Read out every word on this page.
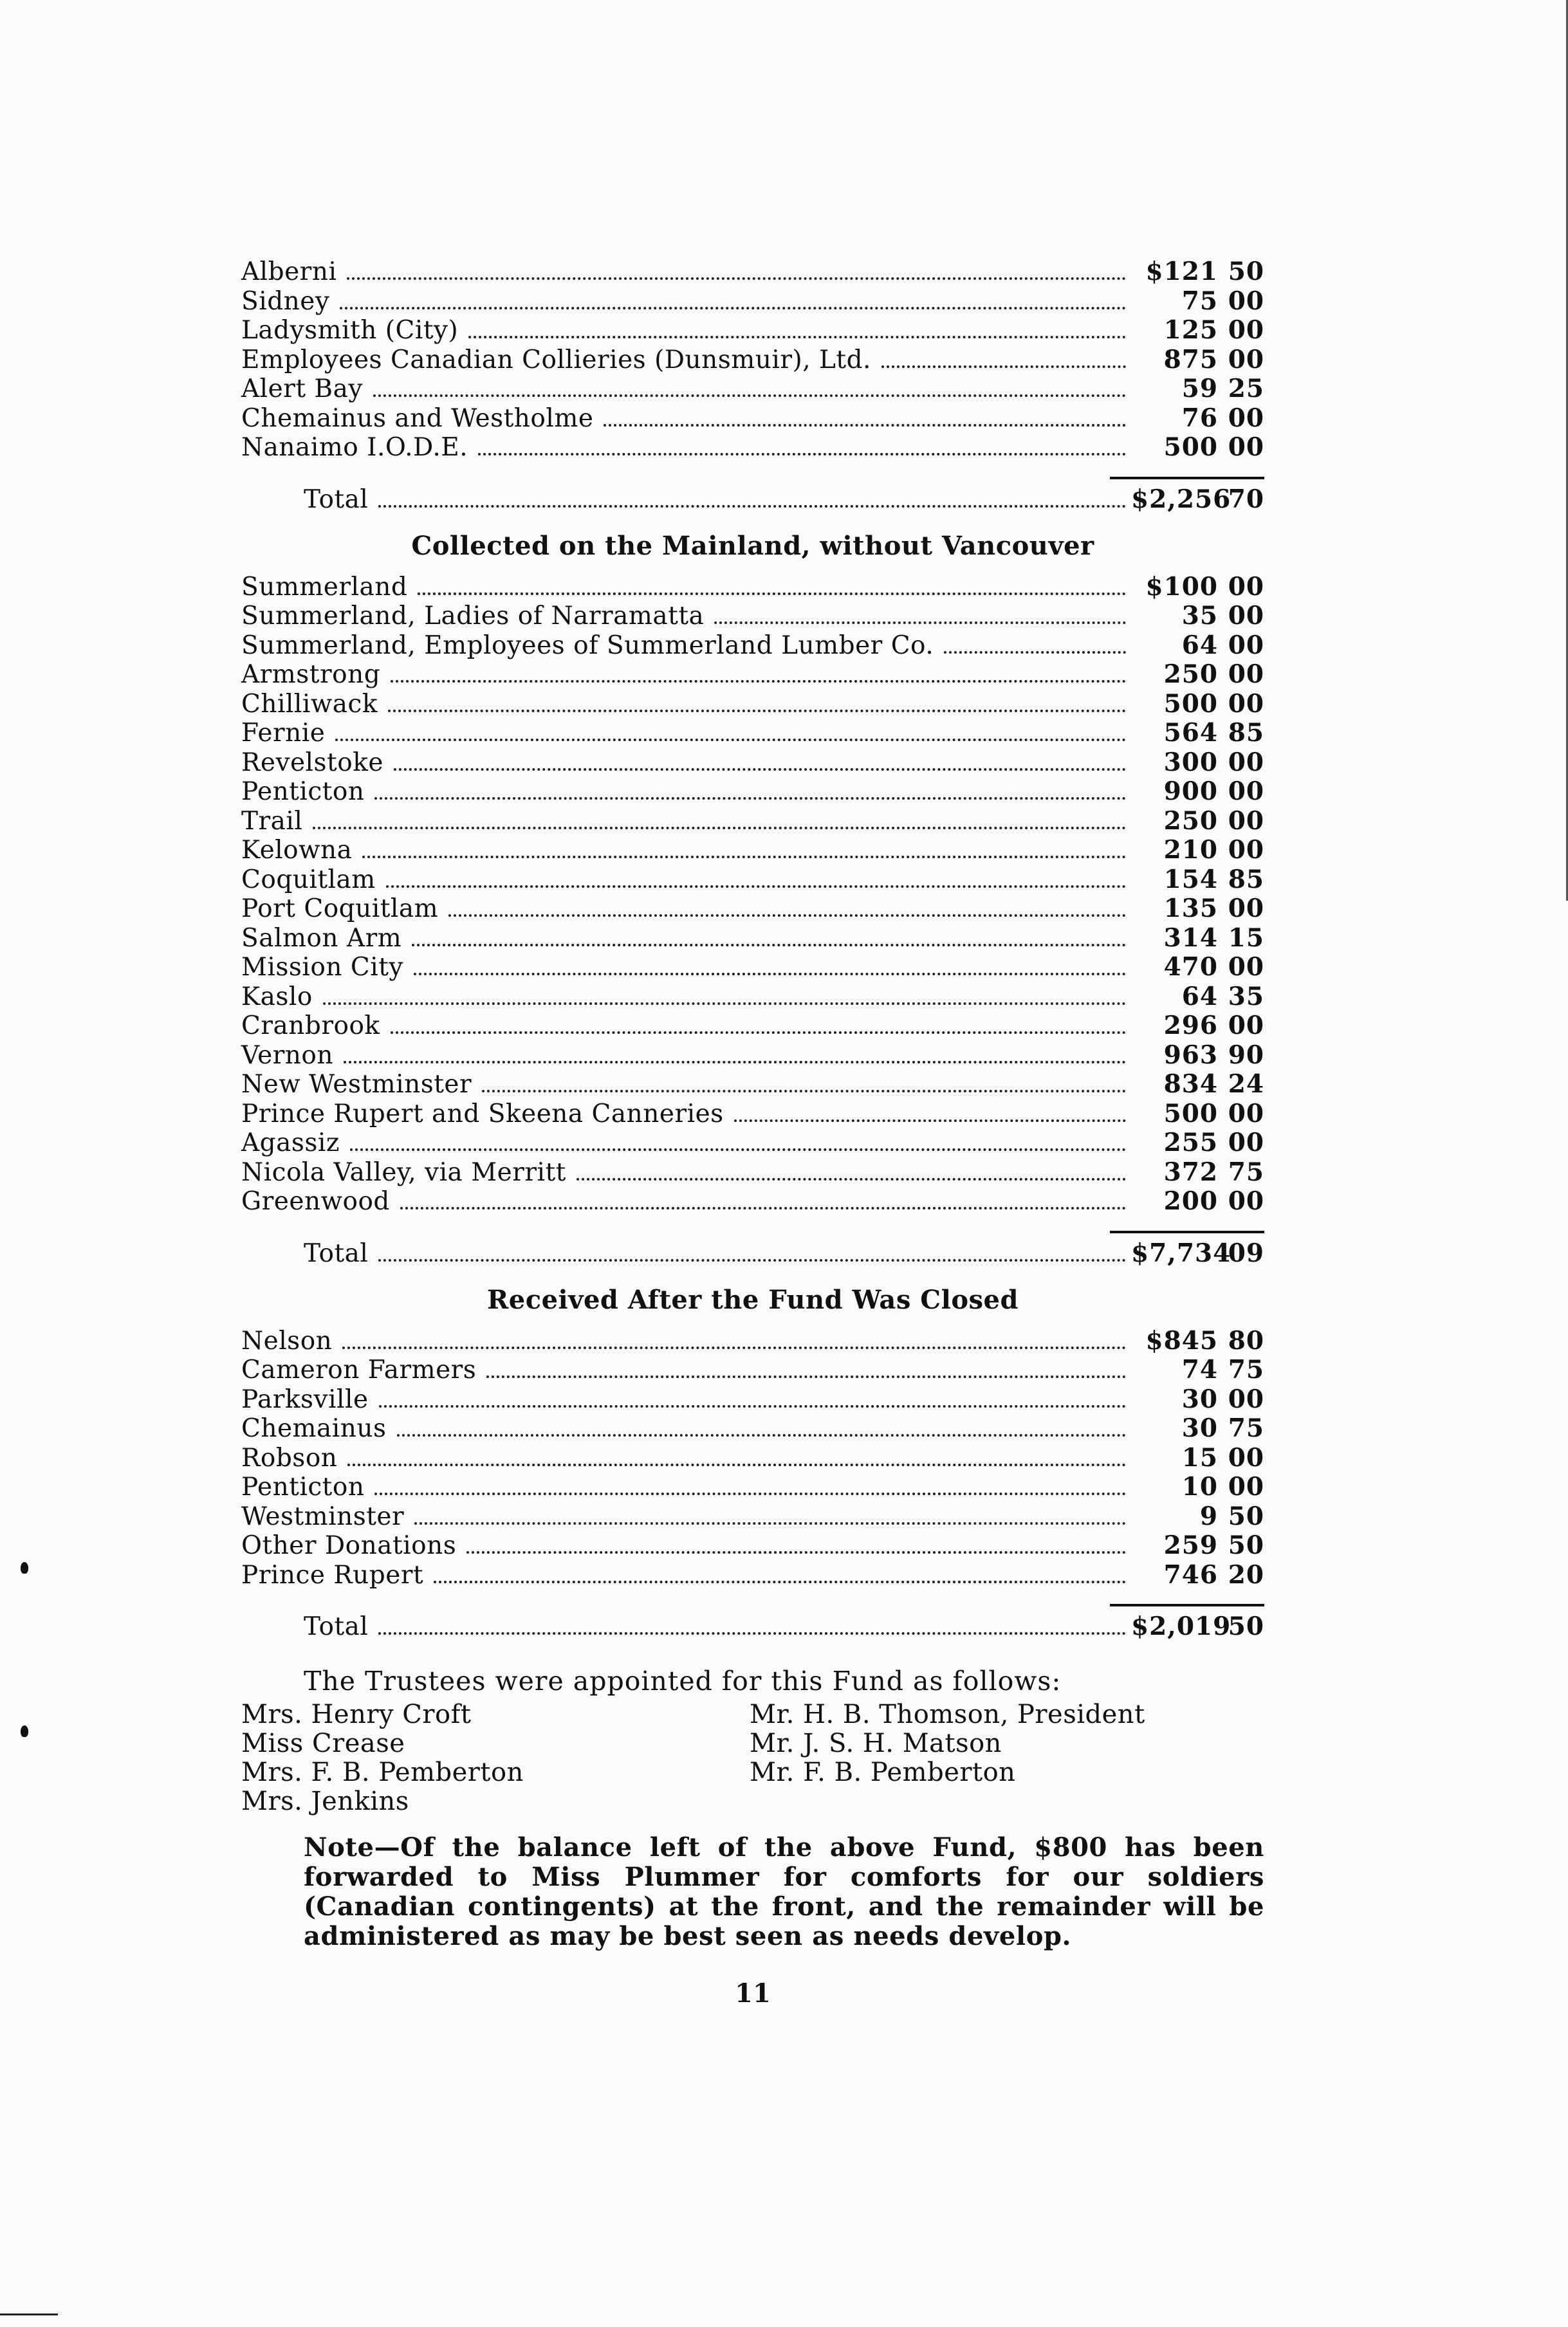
Alberni	$121 50
Sidney	75 00
Ladysmith (City)	125 00
Employees Canadian Collieries (Dunsmuir), Ltd.	875 00
Alert Bay	59 25
Chemainus and Westholme	76 00
Nanaimo I.O.D.E.	500 00
Total	$2,25670
Collected on the Mainland, without Vancouver
Summerland	$100 00
Summerland, Ladies of Narramatta	35 00
Summerland, Employees of Summerland Lumber Co.	64 00
Armstrong	250 00
Chilliwack	500 00
Fernie	564 85
Revelstoke	300 00
Penticton	900 00
Trail	250 00
Kelowna	210 00
Coquitlam	154 85
Port Coquitlam	135 00
Salmon Arm	314 15
Mission City	470 00
Kaslo	64 35
Cranbrook	296 00
Vernon	963 90
New Westminster	834 24
Prince Rupert and Skeena Canneries	500 00
Agassiz	255 00
Nicola Valley, via Merritt	372 75
Greenwood	200 00
Total	$7,73409
Received After the Fund Was Closed
Nelson	$845 80
Cameron Farmers	74 75
Parksville	30 00
Chemainus	30 75
Robson	15 00
Penticton	10 00
Westminster	9 50
Other Donations	259 50
Prince Rupert	746 20
Total	$2,01950
The Trustees were appointed for this Fund as follows:
Mrs. Henry Croft
Miss Crease
Mrs. F. B. Pemberton
Mrs. Jenkins
Mr. H. B. Thomson, President
Mr. J. S. H. Matson
Mr. F. B. Pemberton
Note—Of the balance left of the above Fund, $800 has been forwarded to Miss Plummer for comforts for our soldiers (Canadian contingents) at the front, and the remainder will be administered as may be best seen as needs develop.
11
